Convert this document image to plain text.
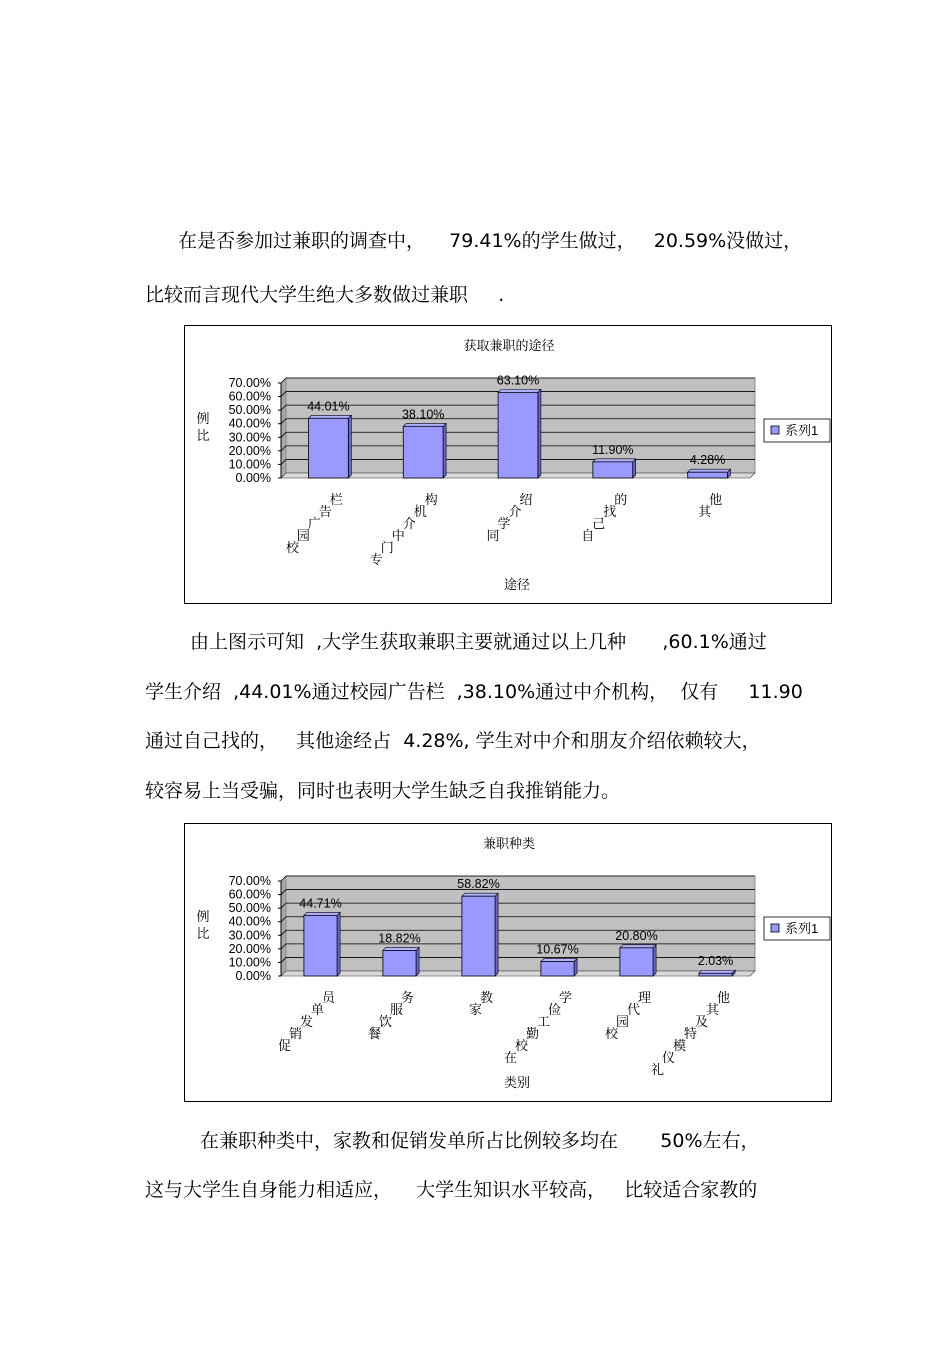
在是否参加过兼职的调查中，    79.41%的学生做过，   20.59%没做过，
比较而言现代大学生绝大多数做过兼职     .
获取兼职的途径
0.00%
10.00%
20.00%
30.00%
40.00%
50.00%
60.00%
70.00%
例
比
44.01%
校园广告栏
38.10%
专门中介机构
63.10%
同学介绍
11.90%
自己找的
4.28%
其他
系列1
途径
由上图示可知  ,大学生获取兼职主要就通过以上几种      ,60.1%通过
学生介绍  ,44.01%通过校园广告栏  ,38.10%通过中介机构，  仅有     11.90
通过自己找的，   其他途经占  4.28%, 学生对中介和朋友介绍依赖较大，
较容易上当受骗，同时也表明大学生缺乏自我推销能力。
兼职种类
0.00%
10.00%
20.00%
30.00%
40.00%
50.00%
60.00%
70.00%
例
比
44.71%
促销发单员
18.82%
餐饮服务
58.82%
家教
10.67%
在校勤工俭学
20.80%
校园代理
2.03%
礼仪模特及其他
系列1
类别
在兼职种类中，家教和促销发单所占比例较多均在       50%左右，
这与大学生自身能力相适应，    大学生知识水平较高，   比较适合家教的
